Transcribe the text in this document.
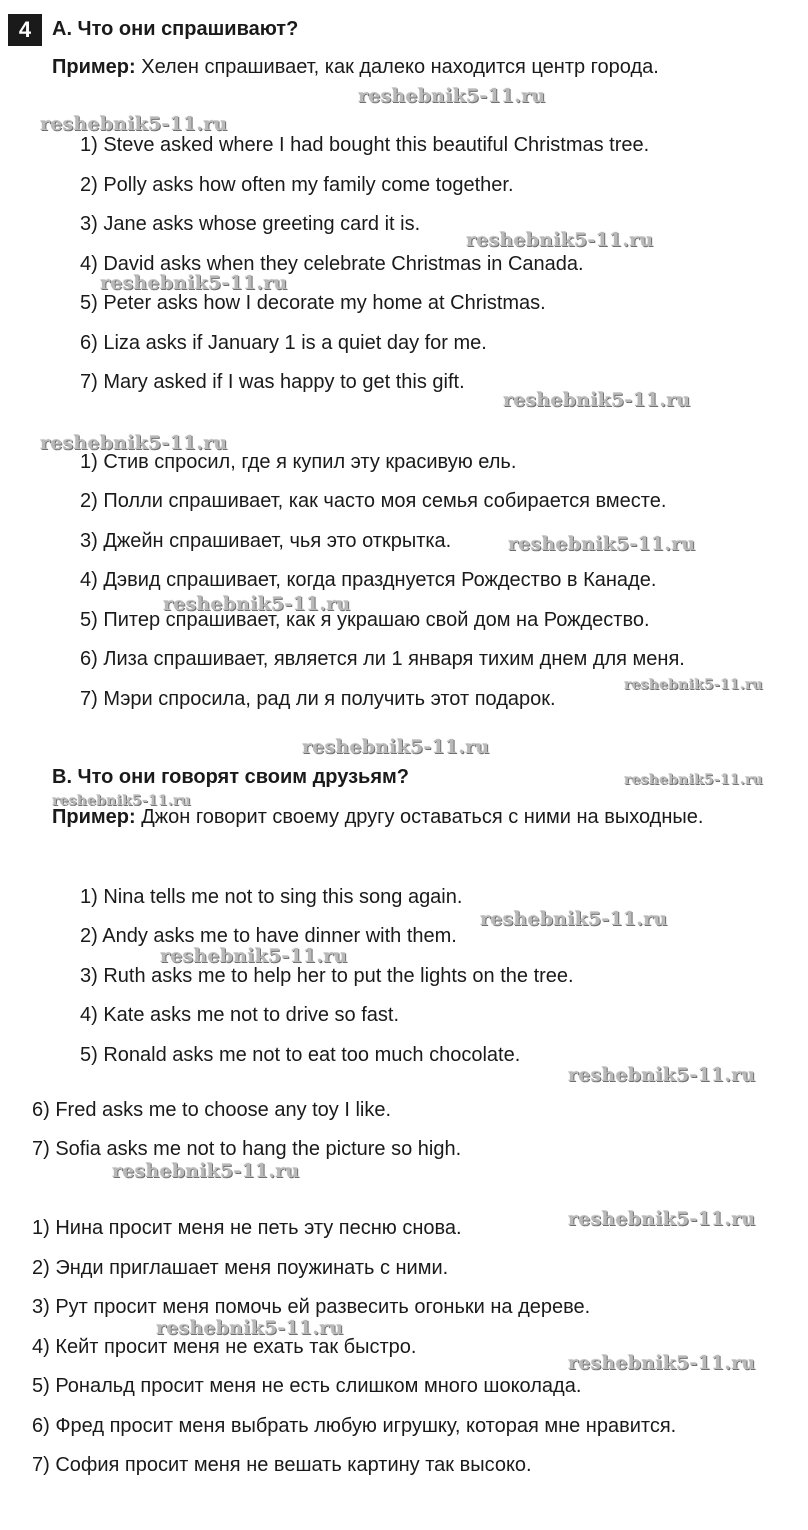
4	A. Что они спрашивают?
Пример: Хелен спрашивает, как далеко находится центр города.
1) Steve asked where I had bought this beautiful Christmas tree.
2) Polly asks how often my family come together.
3) Jane asks whose greeting card it is.
4) David asks when they celebrate Christmas in Canada.
5) Peter asks how I decorate my home at Christmas.
6) Liza asks if January 1 is a quiet day for me.
7) Mary asked if I was happy to get this gift.
1) Стив спросил, где я купил эту красивую ель.
2) Полли спрашивает, как часто моя семья собирается вместе.
3) Джейн спрашивает, чья это открытка.
4) Дэвид спрашивает, когда празднуется Рождество в Канаде.
5) Питер спрашивает, как я украшаю свой дом на Рождество.
6) Лиза спрашивает, является ли 1 января тихим днем для меня.
7) Мэри спросила, рад ли я получить этот подарок.
B. Что они говорят своим друзьям?
Пример: Джон говорит своему другу оставаться с ними на выходные.
1) Nina tells me not to sing this song again.
2) Andy asks me to have dinner with them.
3) Ruth asks me to help her to put the lights on the tree.
4) Kate asks me not to drive so fast.
5) Ronald asks me not to eat too much chocolate.
6) Fred asks me to choose any toy I like.
7) Sofia asks me not to hang the picture so high.
1) Нина просит меня не петь эту песню снова.
2) Энди приглашает меня поужинать с ними.
3) Рут просит меня помочь ей развесить огоньки на дереве.
4) Кейт просит меня не ехать так быстро.
5) Рональд просит меня не есть слишком много шоколада.
6) Фред просит меня выбрать любую игрушку, которая мне нравится.
7) София просит меня не вешать картину так высоко.
reshebnik5-11.ru
reshebnik5-11.ru
reshebnik5-11.ru
reshebnik5-11.ru
reshebnik5-11.ru
reshebnik5-11.ru
reshebnik5-11.ru
reshebnik5-11.ru
reshebnik5-11.ru
reshebnik5-11.ru
reshebnik5-11.ru
reshebnik5-11.ru
reshebnik5-11.ru
reshebnik5-11.ru
reshebnik5-11.ru
reshebnik5-11.ru
reshebnik5-11.ru
reshebnik5-11.ru
reshebnik5-11.ru
